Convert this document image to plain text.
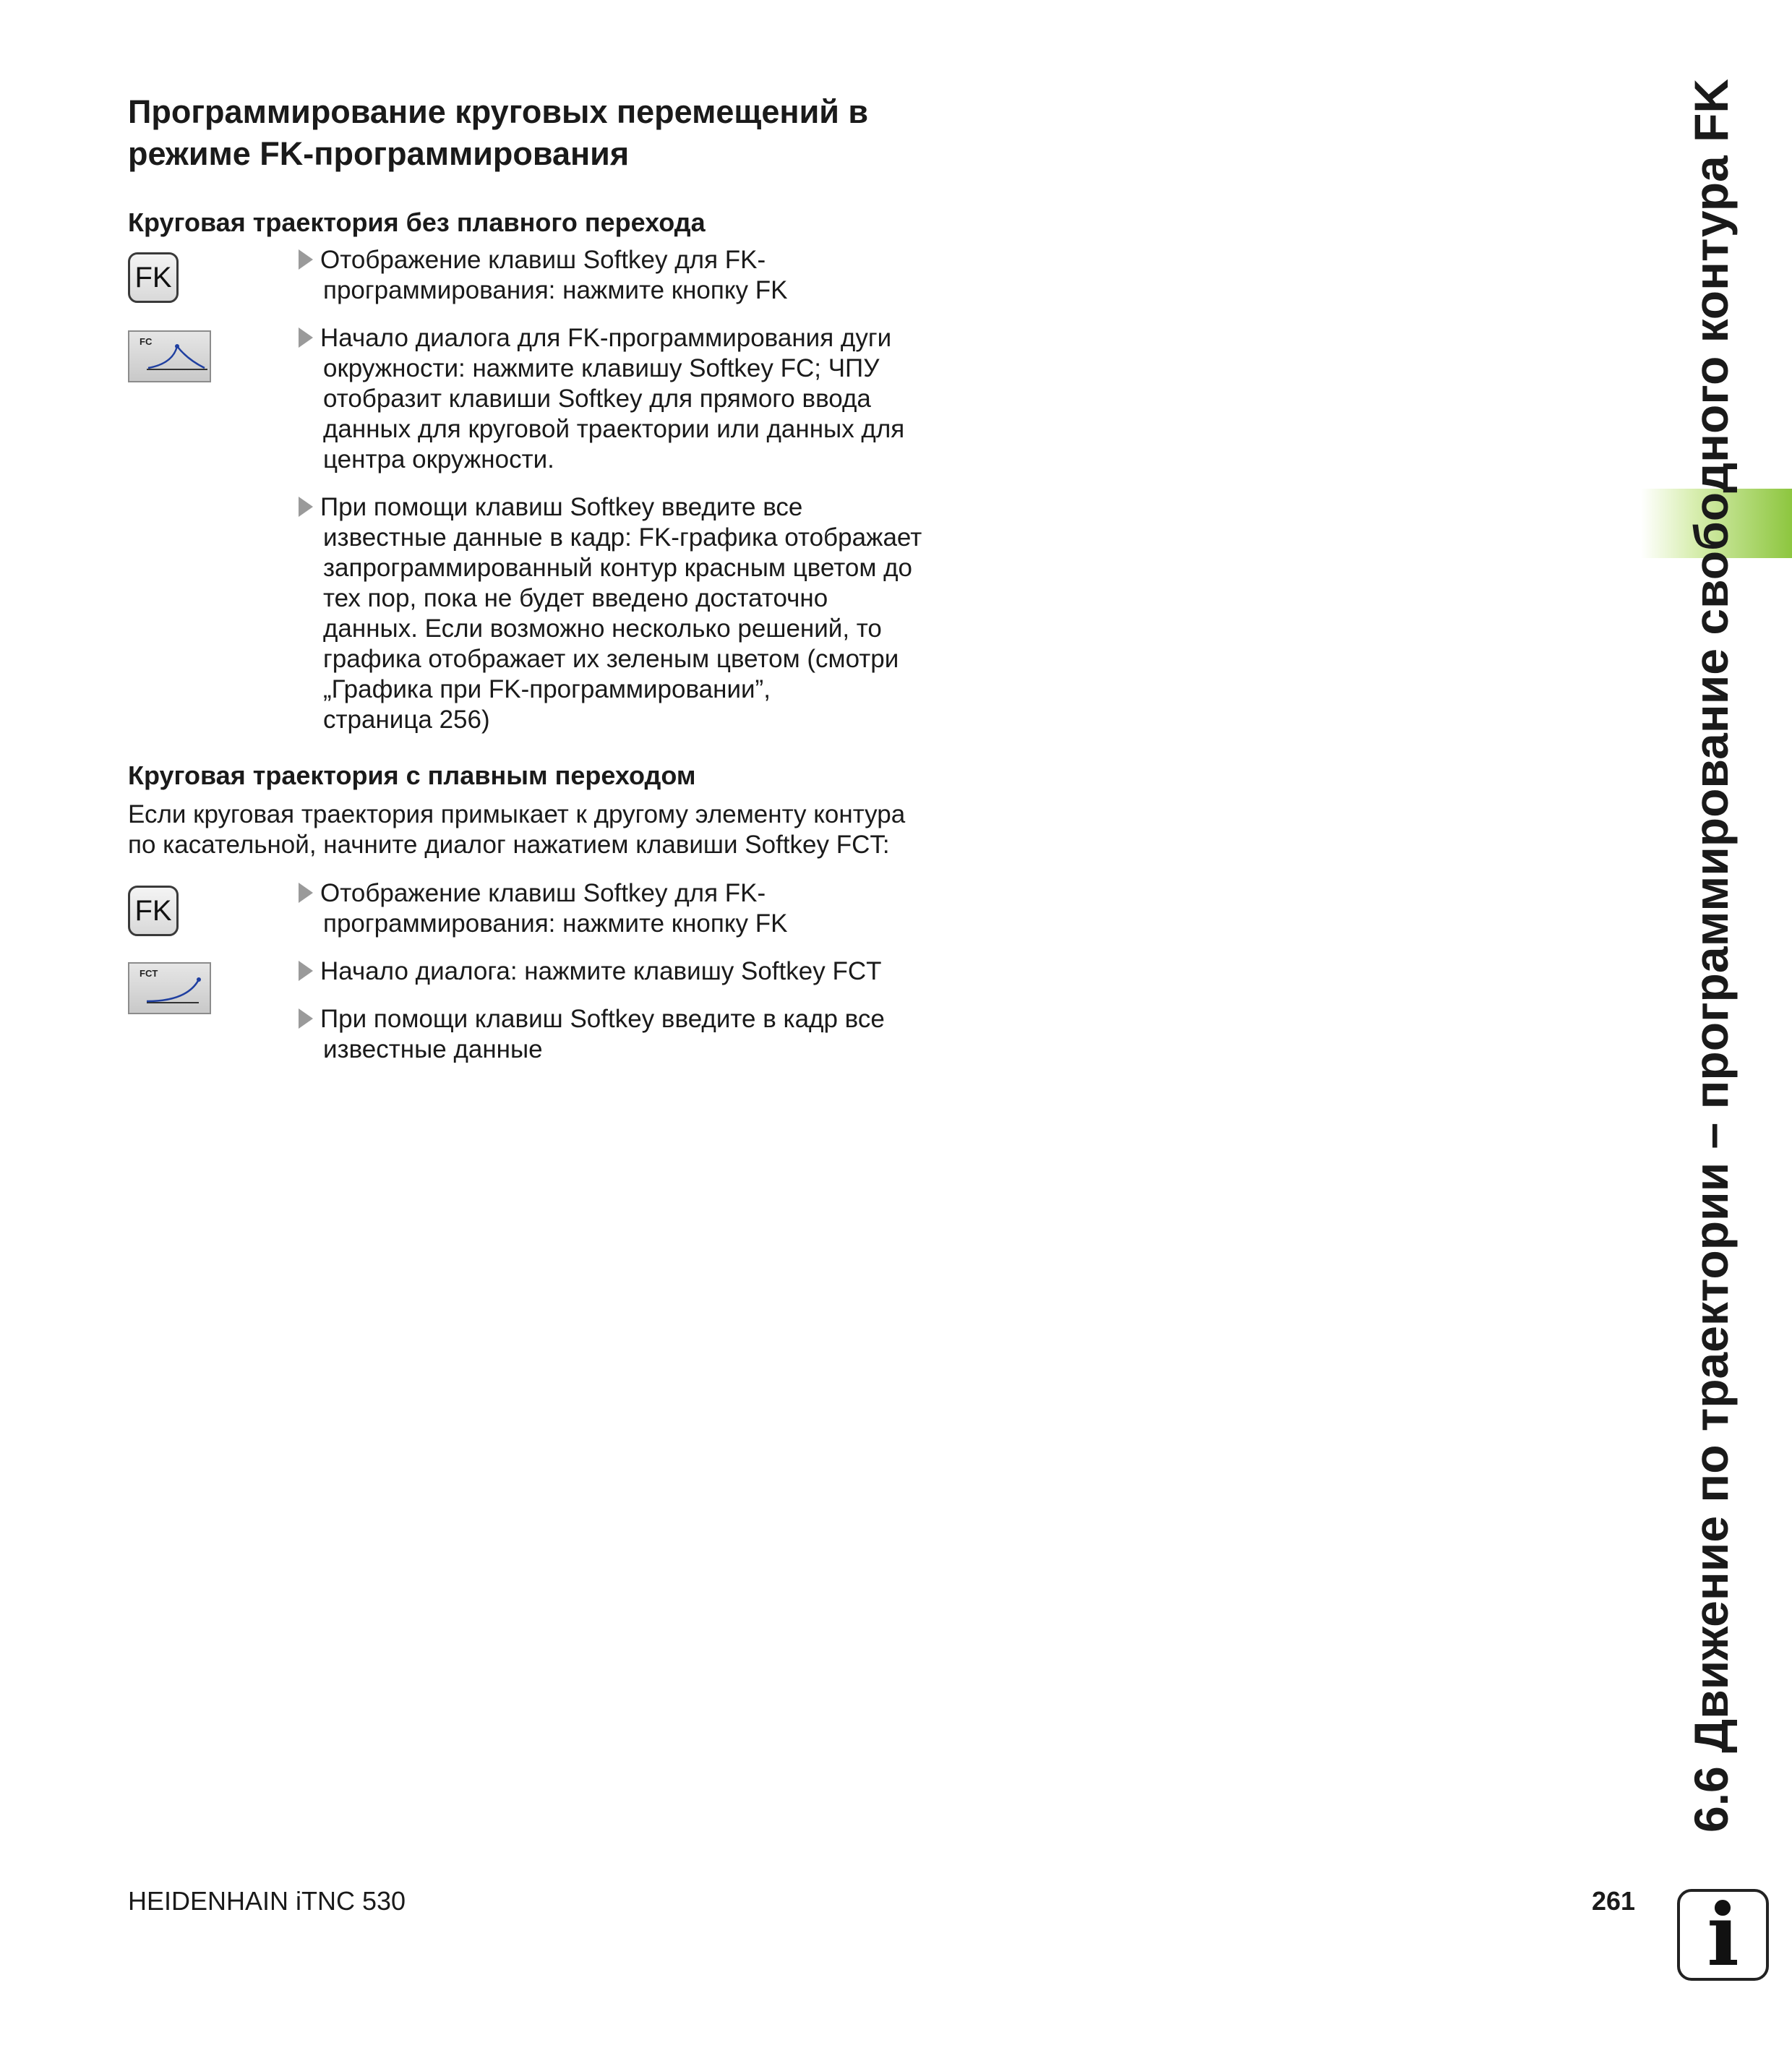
Программирование круговых перемещений в
режиме FK-программирования
Круговая траектория без плавного перехода
FK
FC
Отображение клавиш Softkey для FK-
программирования: нажмите кнопку FK
Начало диалога для FK-программирования дуги
окружности: нажмите клавишу Softkey FC; ЧПУ
отобразит клавиши Softkey для прямого ввода
данных для круговой траектории или данных для
центра окружности.
При помощи клавиш Softkey введите все
известные данные в кадр: FK-графика отображает
запрограммированный контур красным цветом до
тех пор, пока не будет введено достаточно
данных. Если возможно несколько решений, то
графика отображает их зеленым цветом (смотри
„Графика при FK-программировании”,
страница 256)
Круговая траектория с плавным переходом

Если круговая траектория примыкает к другому элементу контура
по касательной, начните диалог нажатием клавиши Softkey FCT:

FK
FCT
Отображение клавиш Softkey для FK-
программирования: нажмите кнопку FK
Начало диалога: нажмите клавишу Softkey FCT
При помощи клавиш Softkey введите в кадр все
известные данные	6.6 Движение по траектории – программирование свободного контура FK
HEIDENHAIN iTNC 530	261 i
